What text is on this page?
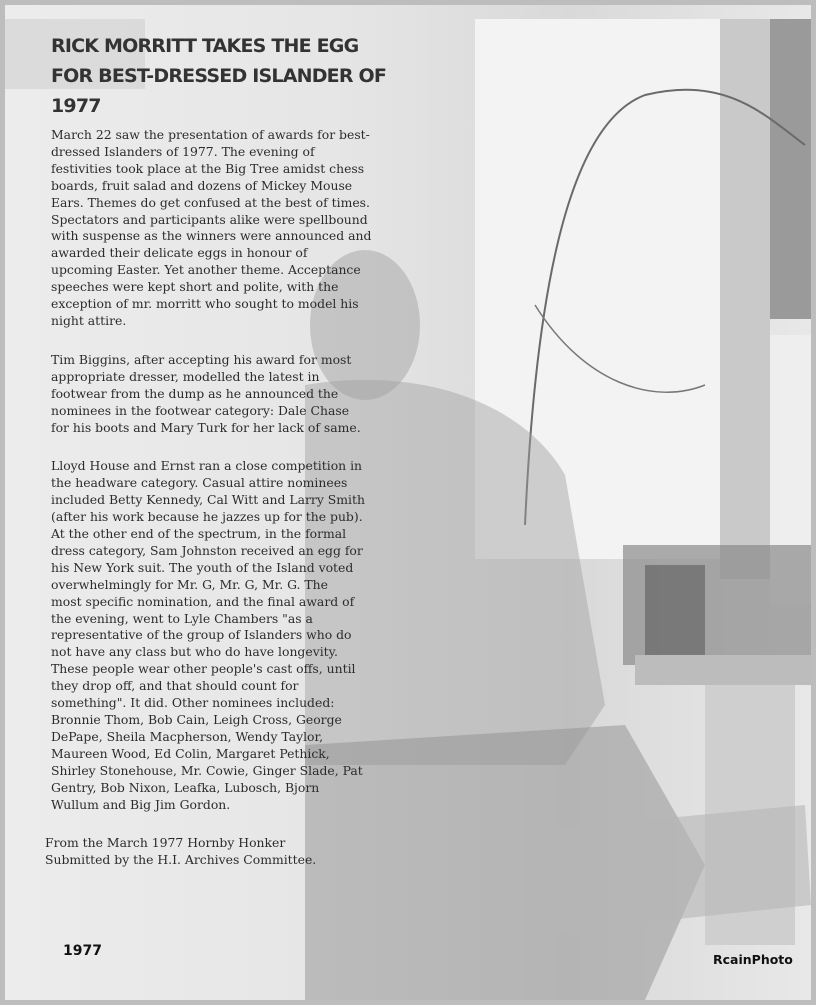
RICK MORRITT TAKES THE EGG FOR BEST-DRESSED ISLANDER OF 1977

March 22 saw the presentation of awards for best-
dressed Islanders of 1977. The evening of
festivities took place at the Big Tree amidst chess
boards, fruit salad and dozens of Mickey Mouse
Ears. Themes do get confused at the best of times.
Spectators and participants alike were spellbound
with suspense as the winners were announced and
awarded their delicate eggs in honour of
upcoming Easter. Yet another theme. Acceptance
speeches were kept short and polite, with the
exception of mr. morritt who sought to model his
night attire.

Tim Biggins, after accepting his award for most
appropriate dresser, modelled the latest in
footwear from the dump as he announced the
nominees in the footwear category: Dale Chase
for his boots and Mary Turk for her lack of same.

Lloyd House and Ernst ran a close competition in
the headware category. Casual attire nominees
included Betty Kennedy, Cal Witt and Larry Smith
(after his work because he jazzes up for the pub).
At the other end of the spectrum, in the formal
dress category, Sam Johnston received an egg for
his New York suit. The youth of the Island voted
overwhelmingly for Mr. G, Mr. G, Mr. G. The
most specific nomination, and the final award of
the evening, went to Lyle Chambers "as a
representative of the group of Islanders who do
not have any class but who do have longevity.
These people wear other people's cast offs, until
they drop off, and that should count for
something". It did. Other nominees included:
Bronnie Thom, Bob Cain, Leigh Cross, George
DePape, Sheila Macpherson, Wendy Taylor,
Maureen Wood, Ed Colin, Margaret Pethick,
Shirley Stonehouse, Mr. Cowie, Ginger Slade, Pat
Gentry, Bob Nixon, Leafka, Lubosch, Bjorn
Wullum and Big Jim Gordon.

From the March 1977 Hornby Honker
Submitted by the H.I. Archives Committee.

1977
RcainPhoto
